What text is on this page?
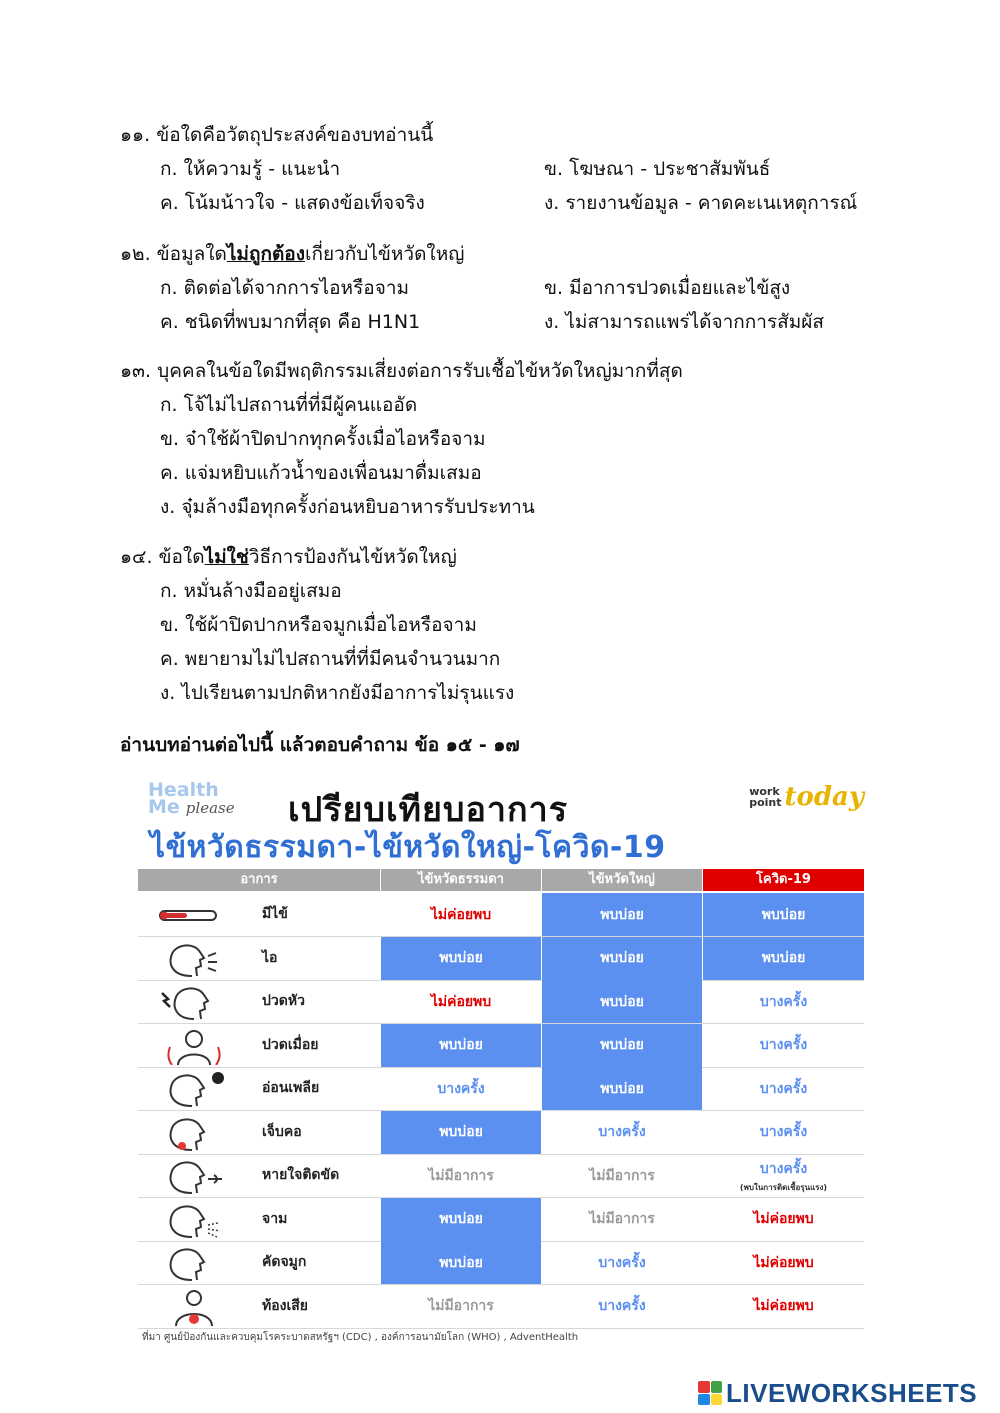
๑๑. ข้อใดคือวัตถุประสงค์ของบทอ่านนี้
ก. ให้ความรู้ - แนะนำ	ข. โฆษณา - ประชาสัมพันธ์
ค. โน้มน้าวใจ - แสดงข้อเท็จจริง	ง. รายงานข้อมูล - คาดคะเนเหตุการณ์
๑๒. ข้อมูลใดไม่ถูกต้องเกี่ยวกับไข้หวัดใหญ่
ก. ติดต่อได้จากการไอหรือจาม	ข. มีอาการปวดเมื่อยและไข้สูง
ค. ชนิดที่พบมากที่สุด คือ H1N1	ง. ไม่สามารถแพร่ได้จากการสัมผัส
๑๓. บุคคลในข้อใดมีพฤติกรรมเสี่ยงต่อการรับเชื้อไข้หวัดใหญ่มากที่สุด
ก. โจ้ไม่ไปสถานที่ที่มีผู้คนแออัด
ข. จ๋าใช้ผ้าปิดปากทุกครั้งเมื่อไอหรือจาม
ค. แจ่มหยิบแก้วน้ำของเพื่อนมาดื่มเสมอ
ง. จุ๋มล้างมือทุกครั้งก่อนหยิบอาหารรับประทาน
๑๔. ข้อใดไม่ใช่วิธีการป้องกันไข้หวัดใหญ่
ก. หมั่นล้างมืออยู่เสมอ
ข. ใช้ผ้าปิดปากหรือจมูกเมื่อไอหรือจาม
ค. พยายามไม่ไปสถานที่ที่มีคนจำนวนมาก
ง. ไปเรียนตามปกติหากยังมีอาการไม่รุนแรง
อ่านบทอ่านต่อไปนี้ แล้วตอบคำถาม ข้อ ๑๕ - ๑๗
Health
Me please เปรียบเทียบอาการ	work
point today
ไข้หวัดธรรมดา-ไข้หวัดใหญ่-โควิด-19
อาการ	ไข้หวัดธรรมดา	ไข้หวัดใหญ่	โควิด-19
มีไข้	ไม่ค่อยพบ	พบบ่อย	พบบ่อย
ไอ	พบบ่อย	พบบ่อย	พบบ่อย
ปวดหัว	ไม่ค่อยพบ	พบบ่อย	บางครั้ง
ปวดเมื่อย	พบบ่อย	พบบ่อย	บางครั้ง
อ่อนเพลีย	บางครั้ง	พบบ่อย	บางครั้ง
เจ็บคอ	พบบ่อย	บางครั้ง	บางครั้ง
หายใจติดขัด	ไม่มีอาการ	ไม่มีอาการ	บางครั้ง
(พบในการติดเชื้อรุนแรง)
จาม	พบบ่อย	ไม่มีอาการ	ไม่ค่อยพบ
คัดจมูก	พบบ่อย	บางครั้ง	ไม่ค่อยพบ
ท้องเสีย	ไม่มีอาการ	บางครั้ง	ไม่ค่อยพบ
ที่มา ศูนย์ป้องกันและควบคุมโรคระบาดสหรัฐฯ (CDC) , องค์การอนามัยโลก (WHO) , AdventHealth
LIVEWORKSHEETS
